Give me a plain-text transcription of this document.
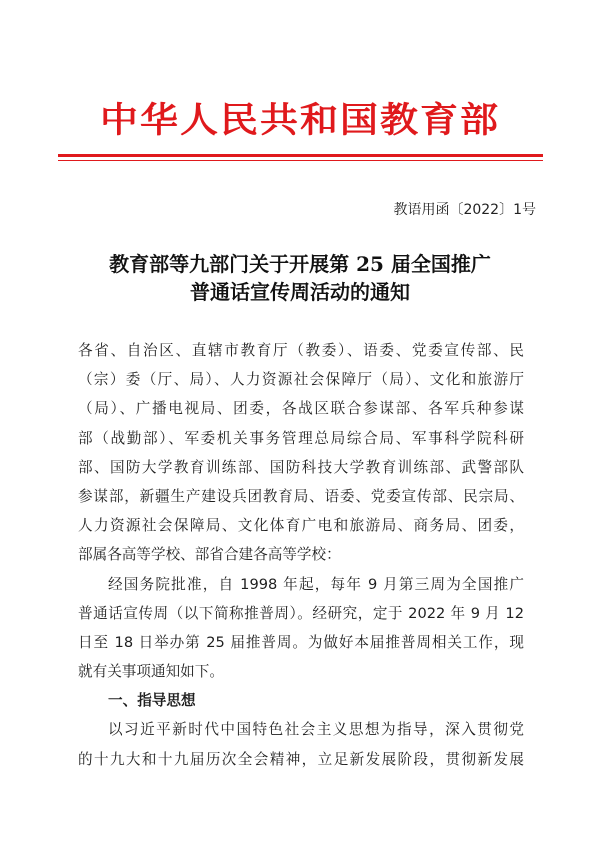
中华人民共和国教育部
教语用函〔2022〕1号
教育部等九部门关于开展第 25 届全国推广
普通话宣传周活动的通知
各省、自治区、直辖市教育厅（教委）、语委、党委宣传部、民
（宗）委（厅、局）、人力资源社会保障厅（局）、文化和旅游厅
（局）、广播电视局、团委，各战区联合参谋部、各军兵种参谋
部（战勤部）、军委机关事务管理总局综合局、军事科学院科研
部、国防大学教育训练部、国防科技大学教育训练部、武警部队
参谋部，新疆生产建设兵团教育局、语委、党委宣传部、民宗局、
人力资源社会保障局、文化体育广电和旅游局、商务局、团委，
部属各高等学校、部省合建各高等学校：
经国务院批准，自 1998 年起，每年 9 月第三周为全国推广
普通话宣传周（以下简称推普周）。经研究，定于 2022 年 9 月 12
日至 18 日举办第 25 届推普周。为做好本届推普周相关工作，现
就有关事项通知如下。
一、指导思想
以习近平新时代中国特色社会主义思想为指导，深入贯彻党
的十九大和十九届历次全会精神，立足新发展阶段，贯彻新发展
